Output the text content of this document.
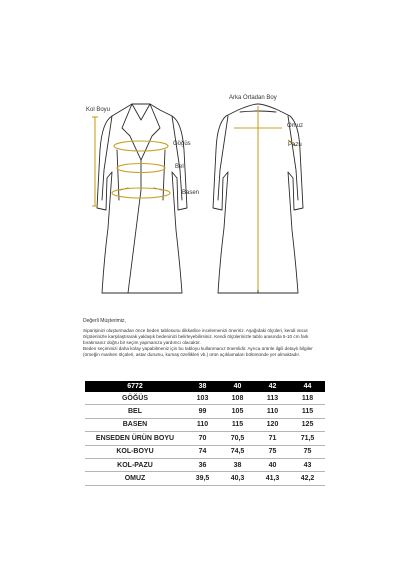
Kol Boyu
Göğüs
Bel
Basen
Arka Ortadan Boy
Omuz
Pazu

Değerli Müşterimiz,

Siparişinizi oluşturmadan önce beden tablosunu dikkatlice incelemenizi öneririz. Aşağıdaki ölçüleri, kendi vücut ölçülerinizle karşılaştırarak yaklaşık bedeninizi belirleyebilirsiniz. Kendi ölçülerinizle tablo arasında 5-10 cm fark bırakmanız doğru bir seçim yapmanıza yardımcı olacaktır.

Beden seçiminizi daha kolay yapabilmeniz için bu tabloyu kullanmanız önemlidir. Ayrıca ürünle ilgili detaylı bilgiler (örneğin manken ölçüleri, astar durumu, kumaş özellikleri vb.) ürün açıklamaları bölümünde yer almaktadır.

6772	38	40	42	44
GÖĞÜS	103	108	113	118
BEL	99	105	110	115
BASEN	110	115	120	125
ENSEDEN ÜRÜN BOYU	70	70,5	71	71,5
KOL-BOYU	74	74,5	75	75
KOL-PAZU	36	38	40	43
OMUZ	39,5	40,3	41,3	42,2
